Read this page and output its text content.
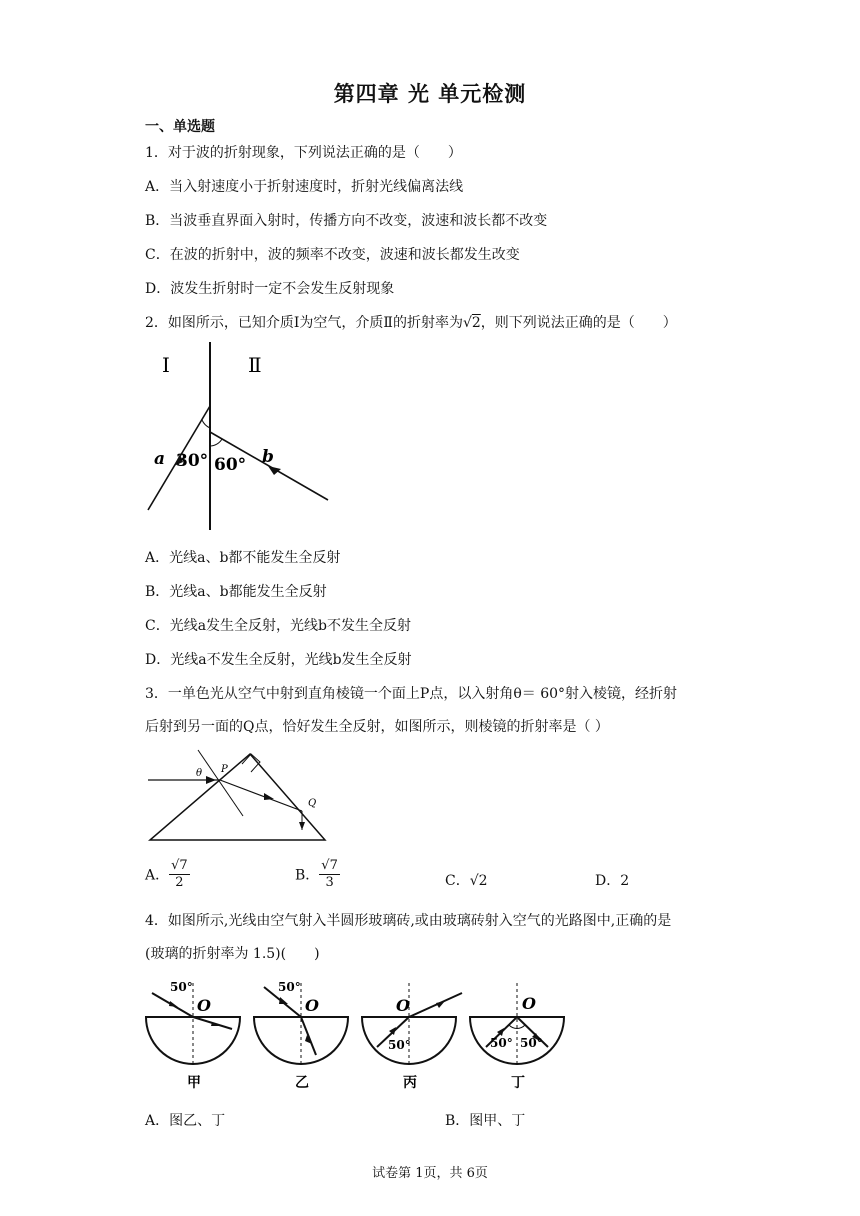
第四章 光 单元检测
一、单选题
1．对于波的折射现象，下列说法正确的是（　　）
A．当入射速度小于折射速度时，折射光线偏离法线
B．当波垂直界面入射时，传播方向不改变，波速和波长都不改变
C．在波的折射中，波的频率不改变，波速和波长都发生改变
D．波发生折射时一定不会发生反射现象
2．如图所示，已知介质Ⅰ为空气，介质Ⅱ的折射率为√2，则下列说法正确的是（　　）
I	Ⅱ
a	b
30° 60°
A．光线a、b都不能发生全反射
B．光线a、b都能发生全反射
C．光线a发生全反射，光线b不发生全反射
D．光线a不发生全反射，光线b发生全反射
3．一单色光从空气中射到直角棱镜一个面上P点，以入射角θ＝ 60°射入棱镜，经折射
后射到另一面的Q点，恰好发生全反射，如图所示，则棱镜的折射率是（ ）
θ P
Q
A． $\frac{√7}{2}$	B． $\frac{√7}{3}$	C．√2	D．2
4．如图所示,光线由空气射入半圆形玻璃砖,或由玻璃砖射入空气的光路图中,正确的是
(玻璃的折射率为 1.5)(　　)
50°
O
甲
50°
O
乙
50°
O
丙
50° 50°
O
丁
A．图乙、丁	B．图甲、丁
试卷第 1页，共 6页
